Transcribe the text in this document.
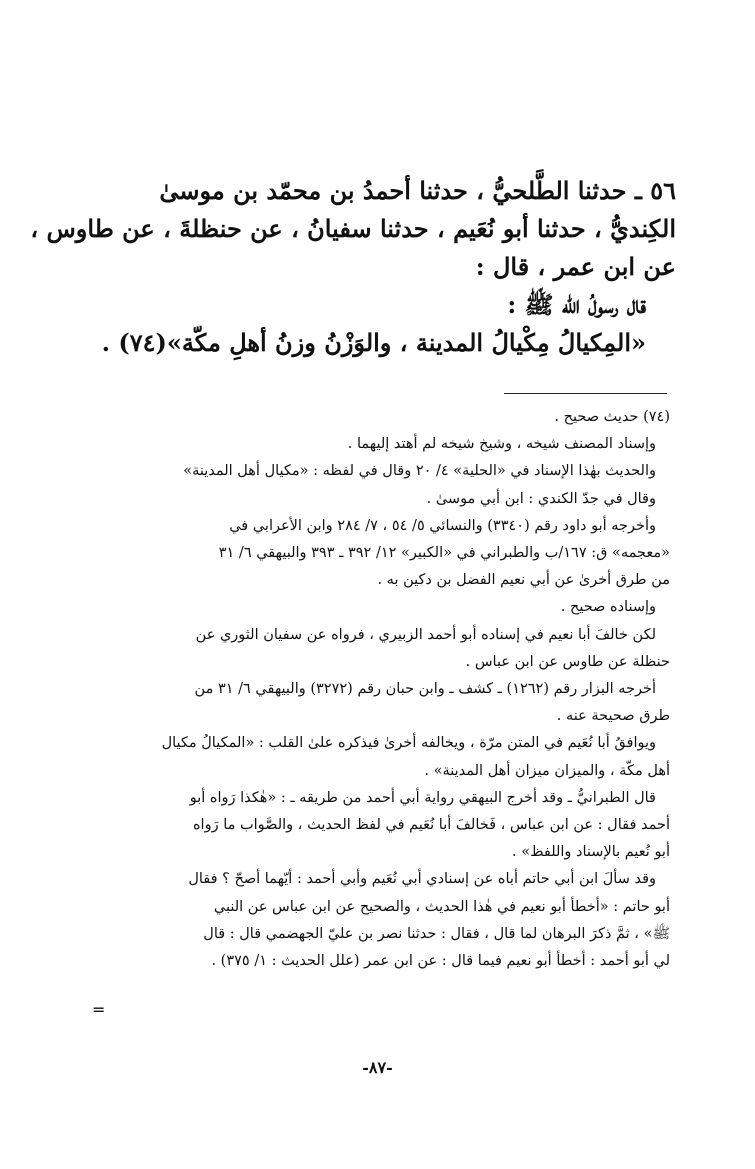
٥٦ ـ حدثنا الطَّلحيُّ ، حدثنا أحمدُ بن محمّد بن موسىٰ
الكِنديُّ ، حدثنا أبو نُعَيم ، حدثنا سفيانُ ، عن حنظلةَ ، عن طاوس ،
عن ابن عمر ، قال :
قال رسولُ الله ﷺ :
«المِكيالُ مِكْيالُ المدينة ، والوَزْنُ وزنُ أهلِ مكّة»(٧٤) .
(٧٤) حديث صحيح .
وإسناد المصنف شيخه ، وشيخ شيخه لم أهتد إليهما .
والحديث بهٰذا الإسناد في «الحلية» ٤/ ٢٠ وقال في لفظه : «مكيال أهل المدينة»
وقال في جدّ الكندي : ابن أبي موسىٰ .
وأخرجه أبو داود رقم (٣٣٤٠) والنسائي ٥/ ٥٤ ، ٧/ ٢٨٤ وابن الأعرابي في
«معجمه» ق: ١٦٧/ب والطبراني في «الكبير» ١٢/ ٣٩٢ ـ ٣٩٣ والبيهقي ٦/ ٣١
من طرق أخرىٰ عن أبي نعيم الفضل بن دكين به .
وإسناده صحيح .
لكن خالفَ أبا نعيم في إسناده أبو أحمد الزبيري ، فرواه عن سفيان الثوري عن
حنظلة عن طاوس عن ابن عباس .
أخرجه البزار رقم (١٢٦٢) ـ كشف ـ وابن حبان رقم (٣٢٧٢) والبيهقي ٦/ ٣١ من
طرق صحيحة عنه .
ويوافقُ أبا نُعَيم في المتن مرّة ، ويخالفه أخرىٰ فيذكره علىٰ القلب : «المكيالُ مكيال
أهل مكّة ، والميزان ميزان أهل المدينة» .
قال الطبرانيُّ ـ وقد أخرج البيهقي رواية أبي أحمد من طريقه ـ : «هٰكذا رَواه أبو
أحمد فقال : عن ابن عباس ، فَخالفَ أبا نُعَيم في لفظ الحديث ، والصَّواب ما رَواه
أبو نُعيم بالإسناد واللفظ» .
وقد سألَ ابن أبي حاتم أباه عن إسنادي أبي نُعَيم وأبي أحمد : أيّهما أصحّ ؟ فقال
أبو حاتم : «أخطأ أبو نعيم في هٰذا الحديث ، والصحيح عن ابن عباس عن النبي
ﷺ» ، ثمَّ ذكرَ البرهان لما قال ، فقال : حدثنا نصر بن عليّ الجهضمي قال : قال
لي أبو أحمد : أخطأ أبو نعيم فيما قال : عن ابن عمر (علل الحديث : ١/ ٣٧٥) .
=
-٨٧-
